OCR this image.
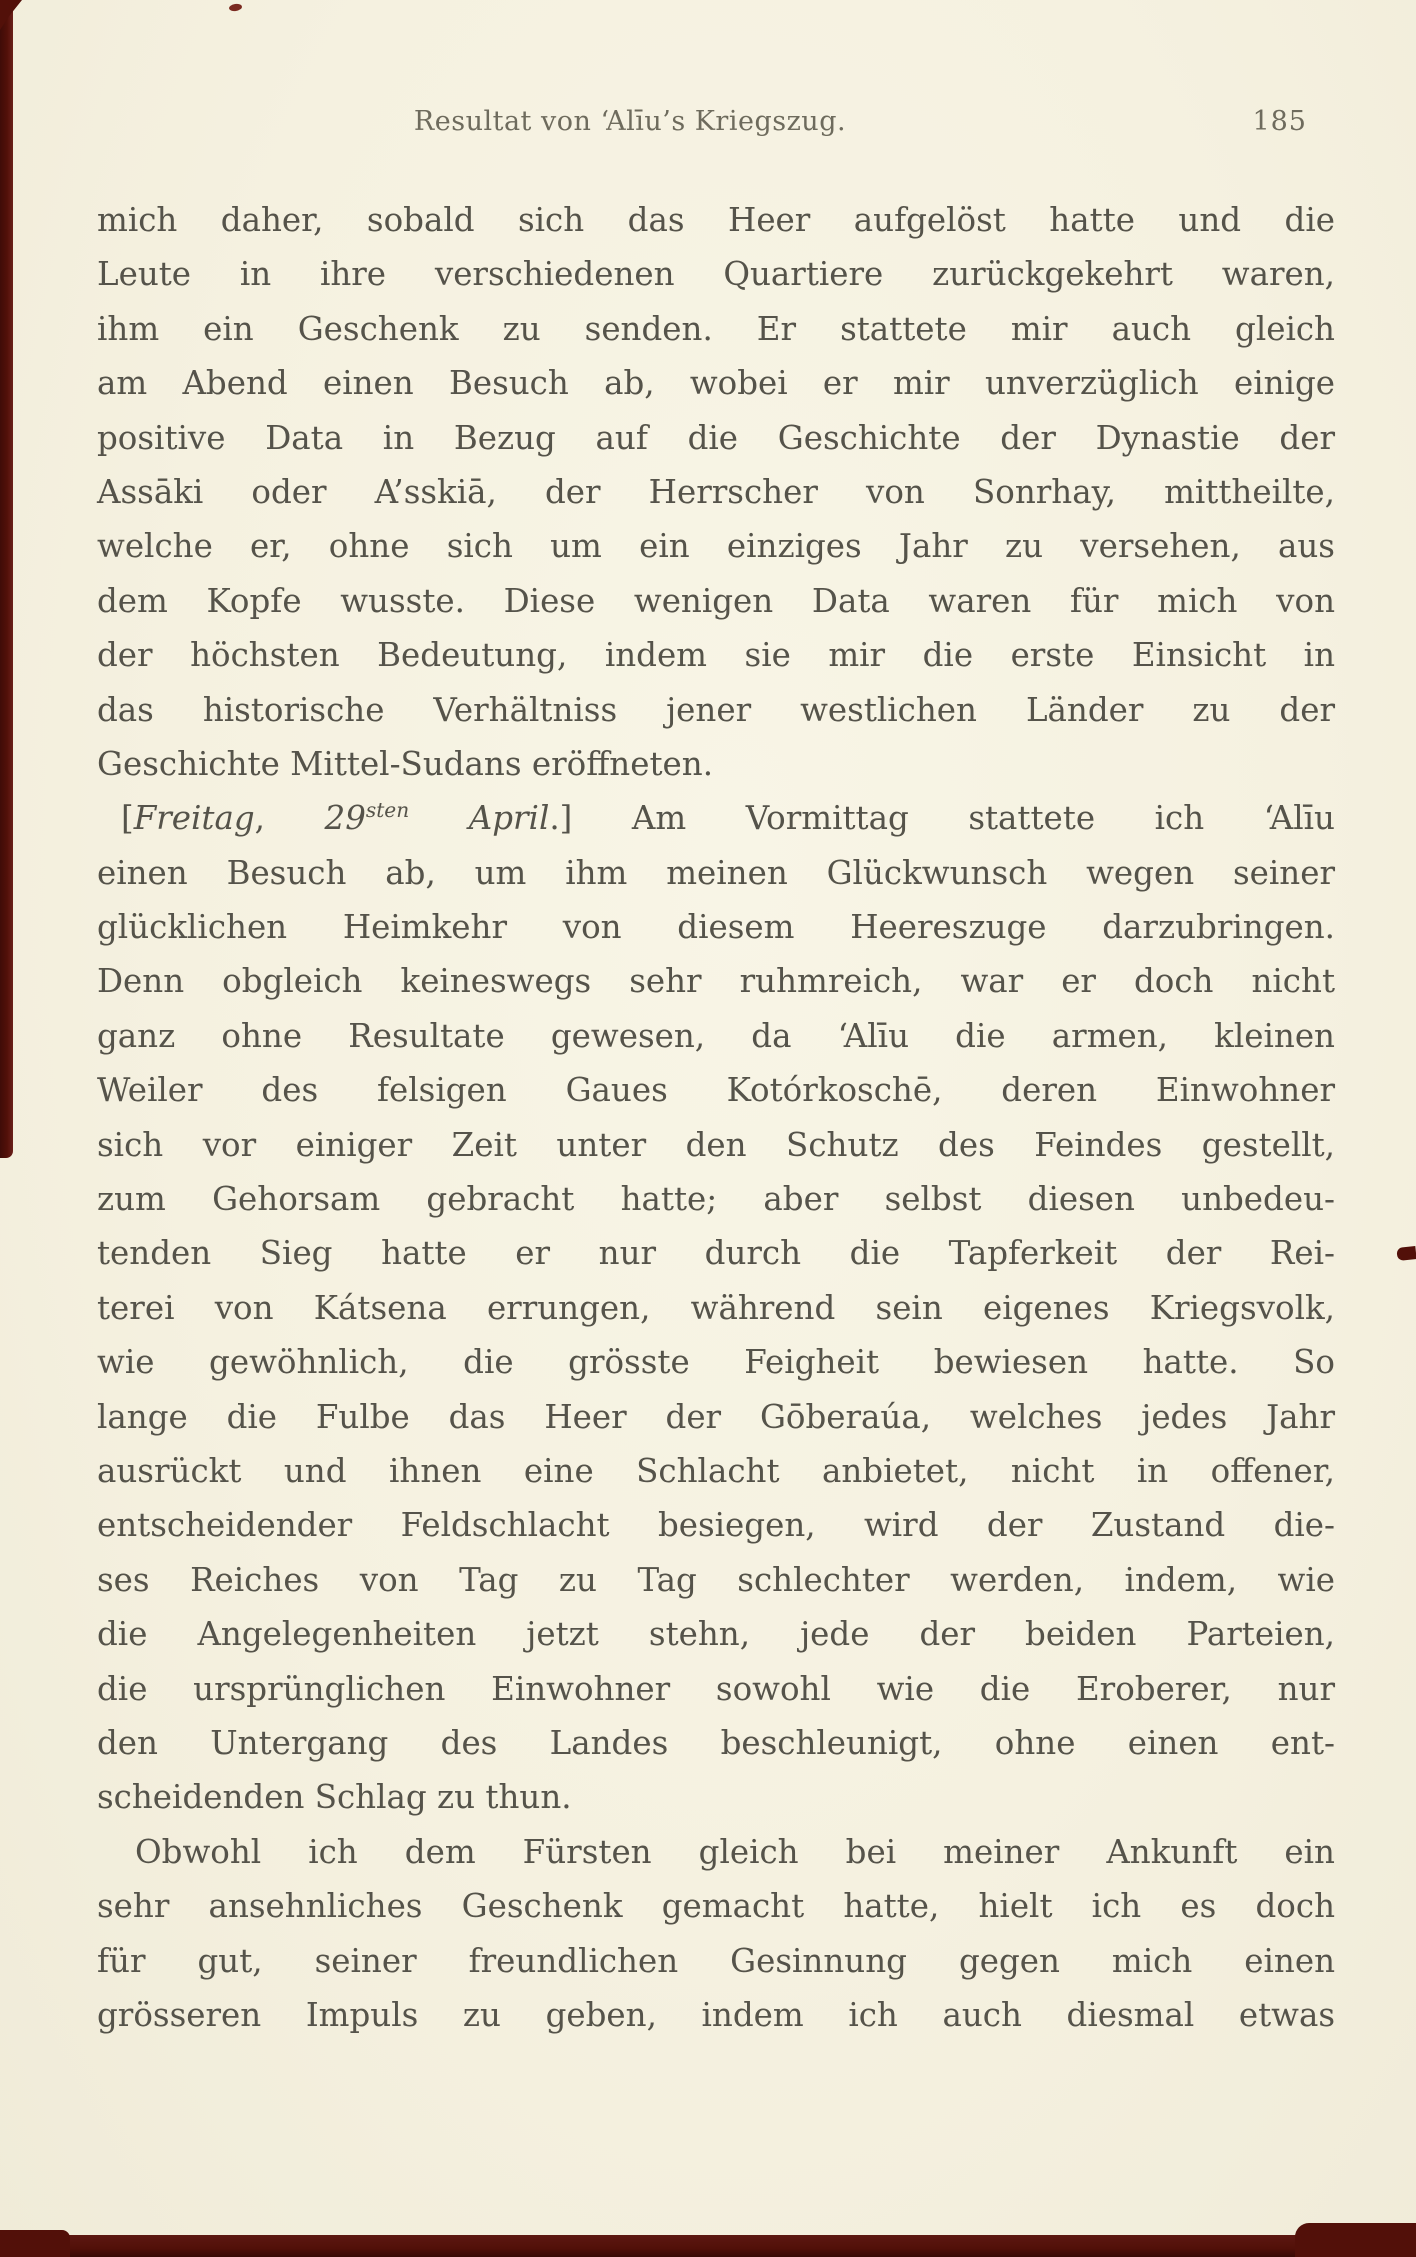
Resultat von ‘Alīu’s Kriegszug.	185
mich daher, sobald sich das Heer aufgelöst hatte und die
Leute in ihre verschiedenen Quartiere zurückgekehrt waren,
ihm ein Geschenk zu senden. Er stattete mir auch gleich
am Abend einen Besuch ab, wobei er mir unverzüglich einige
positive Data in Bezug auf die Geschichte der Dynastie der
Assāki oder A’sskiā, der Herrscher von Sonrhay, mittheilte,
welche er, ohne sich um ein einziges Jahr zu versehen, aus
dem Kopfe wusste. Diese wenigen Data waren für mich von
der höchsten Bedeutung, indem sie mir die erste Einsicht in
das historische Verhältniss jener westlichen Länder zu der
Geschichte Mittel-Sudans eröffneten.
[Freitag, $29^{sten}$ April.] Am Vormittag stattete ich ‘Alīu
einen Besuch ab, um ihm meinen Glückwunsch wegen seiner
glücklichen Heimkehr von diesem Heereszuge darzubringen.
Denn obgleich keineswegs sehr ruhmreich, war er doch nicht
ganz ohne Resultate gewesen, da ‘Alīu die armen, kleinen
Weiler des felsigen Gaues Kotórkoschē, deren Einwohner
sich vor einiger Zeit unter den Schutz des Feindes gestellt,
zum Gehorsam gebracht hatte; aber selbst diesen unbedeu-
tenden Sieg hatte er nur durch die Tapferkeit der Rei-
terei von Kátsena errungen, während sein eigenes Kriegsvolk,
wie gewöhnlich, die grösste Feigheit bewiesen hatte. So
lange die Fulbe das Heer der Gōberaúa, welches jedes Jahr
ausrückt und ihnen eine Schlacht anbietet, nicht in offener,
entscheidender Feldschlacht besiegen, wird der Zustand die-
ses Reiches von Tag zu Tag schlechter werden, indem, wie
die Angelegenheiten jetzt stehn, jede der beiden Parteien,
die ursprünglichen Einwohner sowohl wie die Eroberer, nur
den Untergang des Landes beschleunigt, ohne einen ent-
scheidenden Schlag zu thun.
Obwohl ich dem Fürsten gleich bei meiner Ankunft ein
sehr ansehnliches Geschenk gemacht hatte, hielt ich es doch
für gut, seiner freundlichen Gesinnung gegen mich einen
grösseren Impuls zu geben, indem ich auch diesmal etwas
